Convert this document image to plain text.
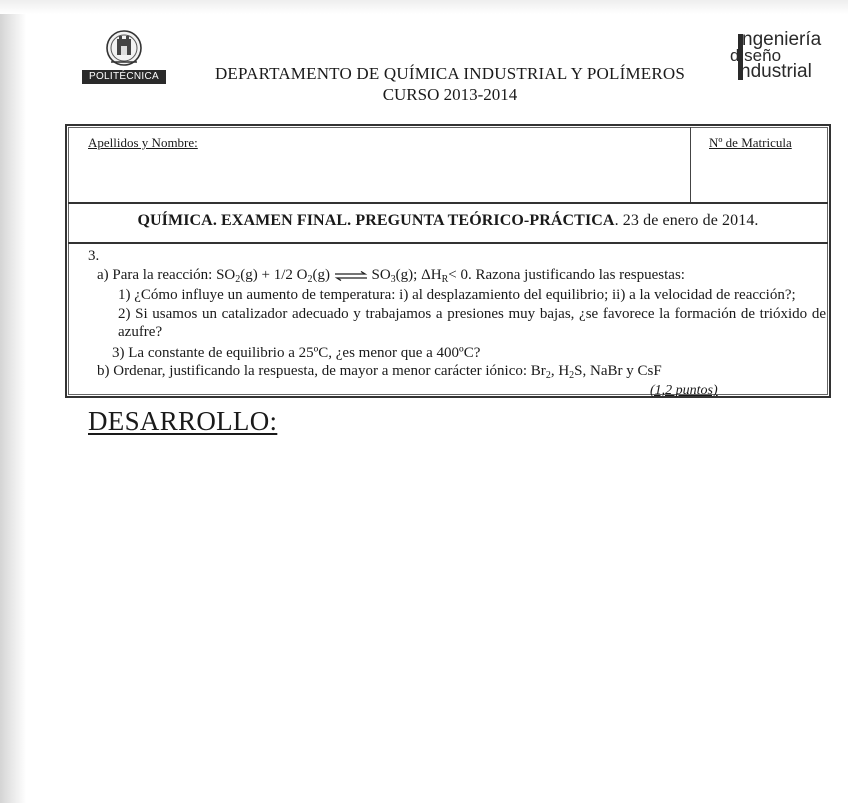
POLITÉCNICA	DEPARTAMENTO DE QUÍMICA INDUSTRIAL Y POLÍMEROS
CURSO 2013-2014
ngeniería
d seño
ndustrial
Apellidos y Nombre:	Nº de Matricula
QUÍMICA. EXAMEN FINAL. PREGUNTA TEÓRICO-PRÁCTICA. 23 de enero de 2014.
3.
a) Para la reacción: $SO_2(g) + 1/2$ $O_2(g)$ ⇌ $SO_3(g)$; $\Delta H_R< 0$. Razona justificando las respuestas:
1) ¿Cómo influye un aumento de temperatura: i) al desplazamiento del equilibrio; ii) a la velocidad de reacción?;
2) Si usamos un catalizador adecuado y trabajamos a presiones muy bajas, ¿se favorece la formación de trióxido de azufre?
3) La constante de equilibrio a 25ºC, ¿es menor que a 400ºC?
b) Ordenar, justificando la respuesta, de mayor a menor carácter iónico: $Br_2$, $H_2S$, NaBr y CsF
(1,2 puntos)
DESARROLLO:
